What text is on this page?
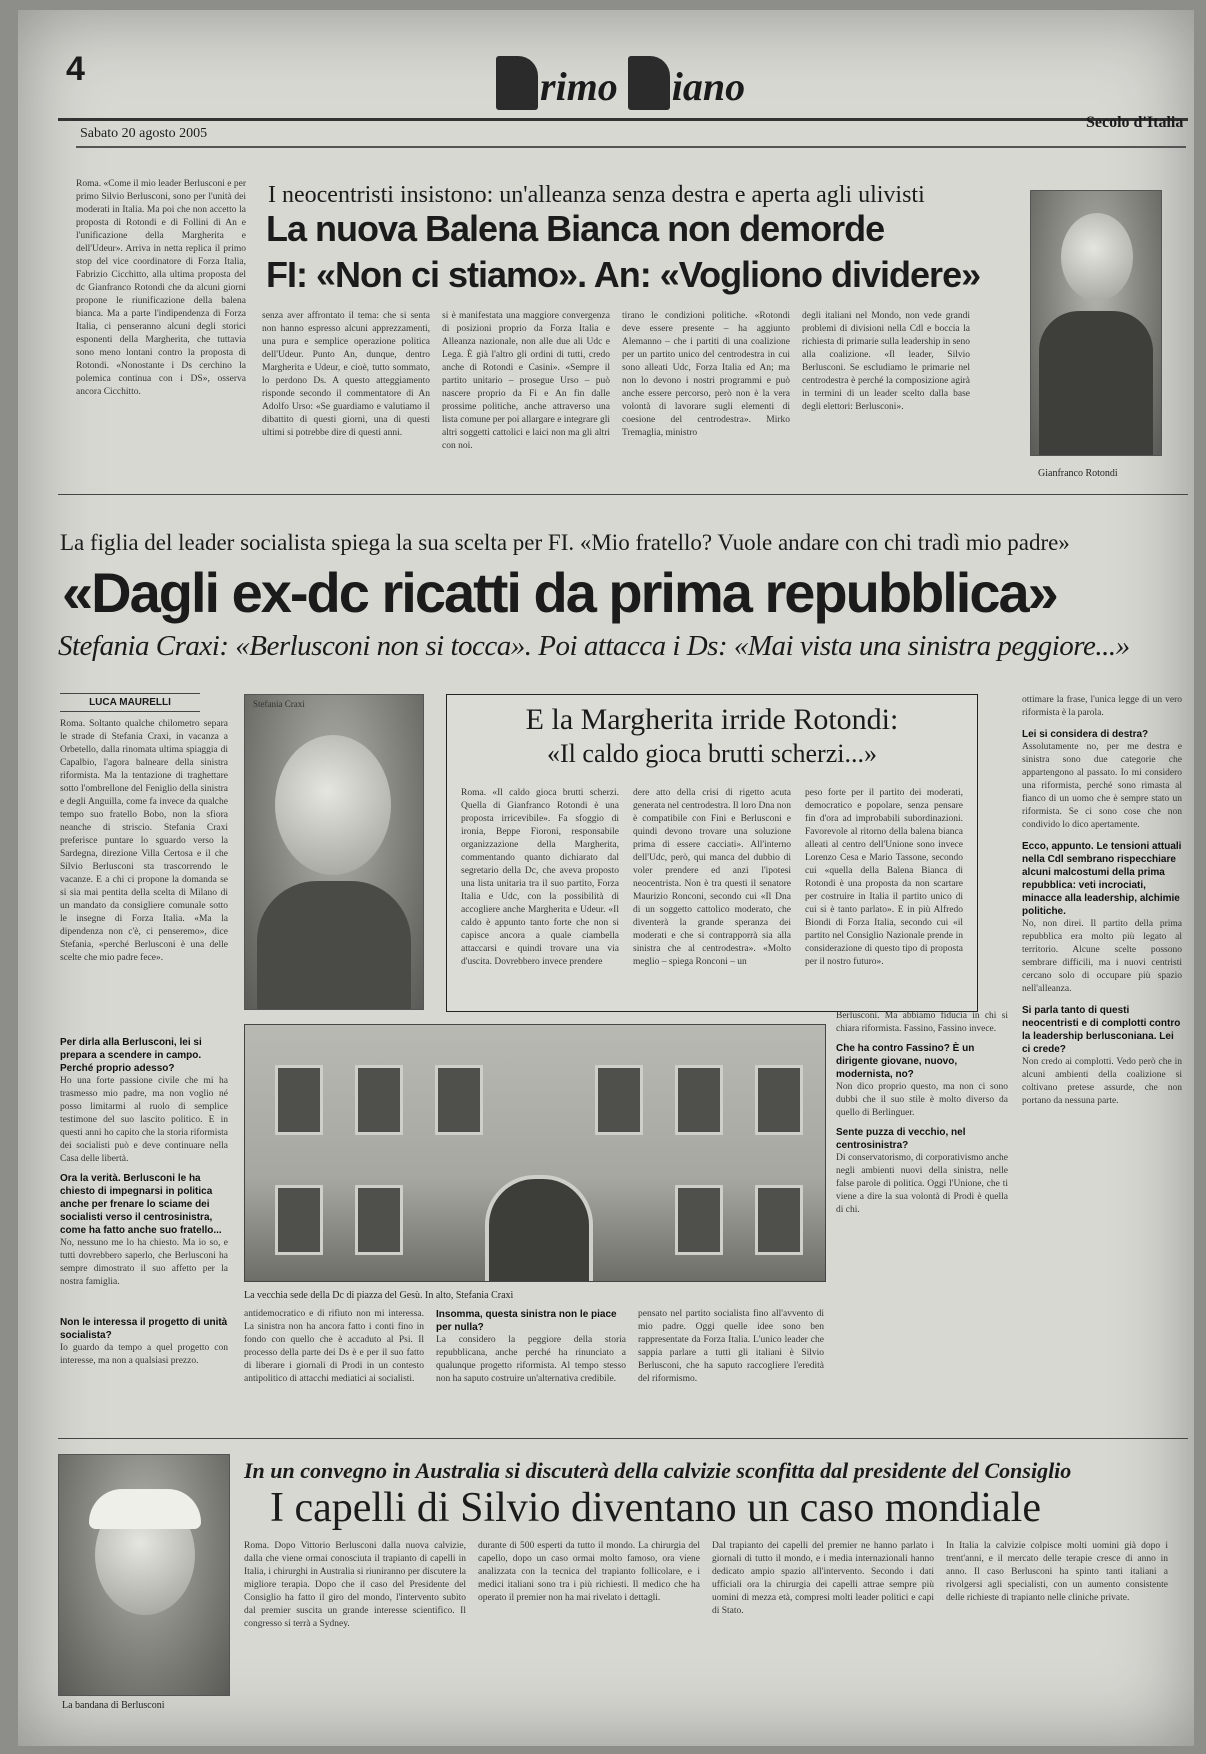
4	rimo iano
Sabato 20 agosto 2005
Secolo d'Italia
Roma. «Come il mio leader Berlusconi e per primo Silvio Berlusconi, sono per l'unità dei moderati in Italia. Ma poi che non accetto la proposta di Rotondi e di Follini di An e l'unificazione della Margherita e dell'Udeur». Arriva in netta replica il primo stop del vice coordinatore di Forza Italia, Fabrizio Cicchitto, alla ultima proposta del dc Gianfranco Rotondi che da alcuni giorni propone le riunificazione della balena bianca. Ma a parte l'indipendenza di Forza Italia, ci penseranno alcuni degli storici esponenti della Margherita, che tuttavia sono meno lontani contro la proposta di Rotondi. «Nonostante i Ds cerchino la polemica continua con i DS», osserva ancora Cicchitto.
I neocentristi insistono: un'alleanza senza destra e aperta agli ulivisti
La nuova Balena Bianca non demorde
FI: «Non ci stiamo». An: «Vogliono dividere»
senza aver affrontato il tema: che si senta non hanno espresso alcuni apprezzamenti, una pura e semplice operazione politica dell'Udeur. Punto An, dunque, dentro Margherita e Udeur, e cioè, tutto sommato, lo perdono Ds. A questo atteggiamento risponde secondo il commentatore di An Adolfo Urso: «Se guardiamo e valutiamo il dibattito di questi giorni, una di questi ultimi si potrebbe dire di questi anni.
si è manifestata una maggiore convergenza di posizioni proprio da Forza Italia e Alleanza nazionale, non alle due ali Udc e Lega. È già l'altro gli ordini di tutti, credo anche di Rotondi e Casini». «Sempre il partito unitario – prosegue Urso – può nascere proprio da Fi e An fin dalle prossime politiche, anche attraverso una lista comune per poi allargare e integrare gli altri soggetti cattolici e laici non ma gli altri con noi.
tirano le condizioni politiche. «Rotondi deve essere presente – ha aggiunto Alemanno – che i partiti di una coalizione per un partito unico del centrodestra in cui sono alleati Udc, Forza Italia ed An; ma non lo devono i nostri programmi e può anche essere percorso, però non è la vera volontà di lavorare sugli elementi di coesione del centrodestra». Mirko Tremaglia, ministro
degli italiani nel Mondo, non vede grandi problemi di divisioni nella Cdl e boccia la richiesta di primarie sulla leadership in seno alla coalizione. «Il leader, Silvio Berlusconi. Se escludiamo le primarie nel centrodestra è perché la composizione agirà in termini di un leader scelto dalla base degli elettori: Berlusconi».
Gianfranco Rotondi
La figlia del leader socialista spiega la sua scelta per FI. «Mio fratello? Vuole andare con chi tradì mio padre»
«Dagli ex-dc ricatti da prima repubblica»
Stefania Craxi: «Berlusconi non si tocca». Poi attacca i Ds: «Mai vista una sinistra peggiore...»
LUCA MAURELLI
Roma. Soltanto qualche chilometro separa le strade di Stefania Craxi, in vacanza a Orbetello, dalla rinomata ultima spiaggia di Capalbio, l'agora balneare della sinistra riformista. Ma la tentazione di traghettare sotto l'ombrellone del Feniglio della sinistra e degli Anguilla, come fa invece da qualche tempo suo fratello Bobo, non la sfiora neanche di striscio. Stefania Craxi preferisce puntare lo sguardo verso la Sardegna, direzione Villa Certosa e il che Silvio Berlusconi sta trascorrendo le vacanze. E a chi ci propone la domanda se si sia mai pentita della scelta di Milano di un mandato da consigliere comunale sotto le insegne di Forza Italia. «Ma la dipendenza non c'è, ci penseremo», dice Stefania, «perché Berlusconi è una delle scelte che mio padre fece».
Per dirla alla Berlusconi, lei si prepara a scendere in campo. Perché proprio adesso?
Ho una forte passione civile che mi ha trasmesso mio padre, ma non voglio né posso limitarmi al ruolo di semplice testimone del suo lascito politico. E in questi anni ho capito che la storia riformista dei socialisti può e deve continuare nella Casa delle libertà.
Ora la verità. Berlusconi le ha chiesto di impegnarsi in politica anche per frenare lo sciame dei socialisti verso il centrosinistra, come ha fatto anche suo fratello...
No, nessuno me lo ha chiesto. Ma io so, e tutti dovrebbero saperlo, che Berlusconi ha sempre dimostrato il suo affetto per la nostra famiglia.
Non le interessa il progetto di unità socialista?
Io guardo da tempo a quel progetto con interesse, ma non a qualsiasi prezzo.
Stefania Craxi	E la Margherita irride Rotondi:
«Il caldo gioca brutti scherzi...»
Roma. «Il caldo gioca brutti scherzi. Quella di Gianfranco Rotondi è una proposta irricevibile». Fa sfoggio di ironia, Beppe Fioroni, responsabile organizzazione della Margherita, commentando quanto dichiarato dal segretario della Dc, che aveva proposto una lista unitaria tra il suo partito, Forza Italia e Udc, con la possibilità di accogliere anche Margherita e Udeur. «Il caldo è appunto tanto forte che non si capisce ancora a quale ciambella attaccarsi e quindi trovare una via d'uscita. Dovrebbero invece prendere
dere atto della crisi di rigetto acuta generata nel centrodestra. Il loro Dna non è compatibile con Fini e Berlusconi e quindi devono trovare una soluzione prima di essere cacciati». All'interno dell'Udc, però, qui manca del dubbio di voler prendere ed anzi l'ipotesi neocentrista. Non è tra questi il senatore Maurizio Ronconi, secondo cui «Il Dna di un soggetto cattolico moderato, che diventerà la grande speranza dei moderati e che si contrapporrà sia alla sinistra che al centrodestra». «Molto meglio – spiega Ronconi – un
peso forte per il partito dei moderati, democratico e popolare, senza pensare fin d'ora ad improbabili subordinazioni. Favorevole al ritorno della balena bianca alleati al centro dell'Unione sono invece Lorenzo Cesa e Mario Tassone, secondo cui «quella della Balena Bianca di Rotondi è una proposta da non scartare per costruire in Italia il partito unico di cui si è tanto parlato». E in più Alfredo Biondi di Forza Italia, secondo cui «il partito nel Consiglio Nazionale prende in considerazione di questo tipo di proposta per il nostro futuro».
La vecchia sede della Dc di piazza del Gesù. In alto, Stefania Craxi
antidemocratico e di rifiuto non mi interessa. La sinistra non ha ancora fatto i conti fino in fondo con quello che è accaduto al Psi. Il processo della parte dei Ds è e per il suo fatto di liberare i giornali di Prodi in un contesto antipolitico di attacchi mediatici ai socialisti.
Insomma, questa sinistra non le piace per nulla?
La considero la peggiore della storia repubblicana, anche perché ha rinunciato a qualunque progetto riformista. Al tempo stesso non ha saputo costruire un'alternativa credibile.
pensato nel partito socialista fino all'avvento di mio padre. Oggi quelle idee sono ben rappresentate da Forza Italia. L'unico leader che sappia parlare a tutti gli italiani è Silvio Berlusconi, che ha saputo raccogliere l'eredità del riformismo.
Berlusconi. Ma abbiamo fiducia in chi si chiara riformista. Fassino, Fassino invece.
Che ha contro Fassino? È un dirigente giovane, nuovo, modernista, no?
Non dico proprio questo, ma non ci sono dubbi che il suo stile è molto diverso da quello di Berlinguer.
Sente puzza di vecchio, nel centrosinistra?
Di conservatorismo, di corporativismo anche negli ambienti nuovi della sinistra, nelle false parole di politica. Oggi l'Unione, che ti viene a dire la sua volontà di Prodi è quella di chi.
ottimare la frase, l'unica legge di un vero riformista è la parola.
Lei si considera di destra?
Assolutamente no, per me destra e sinistra sono due categorie che appartengono al passato. Io mi considero una riformista, perché sono rimasta al fianco di un uomo che è sempre stato un riformista. Se ci sono cose che non condivido lo dico apertamente.
Ecco, appunto. Le tensioni attuali nella Cdl sembrano rispecchiare alcuni malcostumi della prima repubblica: veti incrociati, minacce alla leadership, alchimie politiche.
No, non direi. Il partito della prima repubblica era molto più legato al territorio. Alcune scelte possono sembrare difficili, ma i nuovi centristi cercano solo di occupare più spazio nell'alleanza.
Si parla tanto di questi neocentristi e di complotti contro la leadership berlusconiana. Lei ci crede?
Non credo ai complotti. Vedo però che in alcuni ambienti della coalizione si coltivano pretese assurde, che non portano da nessuna parte.
La bandana di Berlusconi
In un convegno in Australia si discuterà della calvizie sconfitta dal presidente del Consiglio
I capelli di Silvio diventano un caso mondiale
Roma. Dopo Vittorio Berlusconi dalla nuova calvizie, dalla che viene ormai conosciuta il trapianto di capelli in Italia, i chirurghi in Australia si riuniranno per discutere la migliore terapia. Dopo che il caso del Presidente del Consiglio ha fatto il giro del mondo, l'intervento subìto dal premier suscita un grande interesse scientifico. Il congresso si terrà a Sydney.
durante di 500 esperti da tutto il mondo. La chirurgia del capello, dopo un caso ormai molto famoso, ora viene analizzata con la tecnica del trapianto follicolare, e i medici italiani sono tra i più richiesti. Il medico che ha operato il premier non ha mai rivelato i dettagli.
Dal trapianto dei capelli del premier ne hanno parlato i giornali di tutto il mondo, e i media internazionali hanno dedicato ampio spazio all'intervento. Secondo i dati ufficiali ora la chirurgia dei capelli attrae sempre più uomini di mezza età, compresi molti leader politici e capi di Stato.
In Italia la calvizie colpisce molti uomini già dopo i trent'anni, e il mercato delle terapie cresce di anno in anno. Il caso Berlusconi ha spinto tanti italiani a rivolgersi agli specialisti, con un aumento consistente delle richieste di trapianto nelle cliniche private.
